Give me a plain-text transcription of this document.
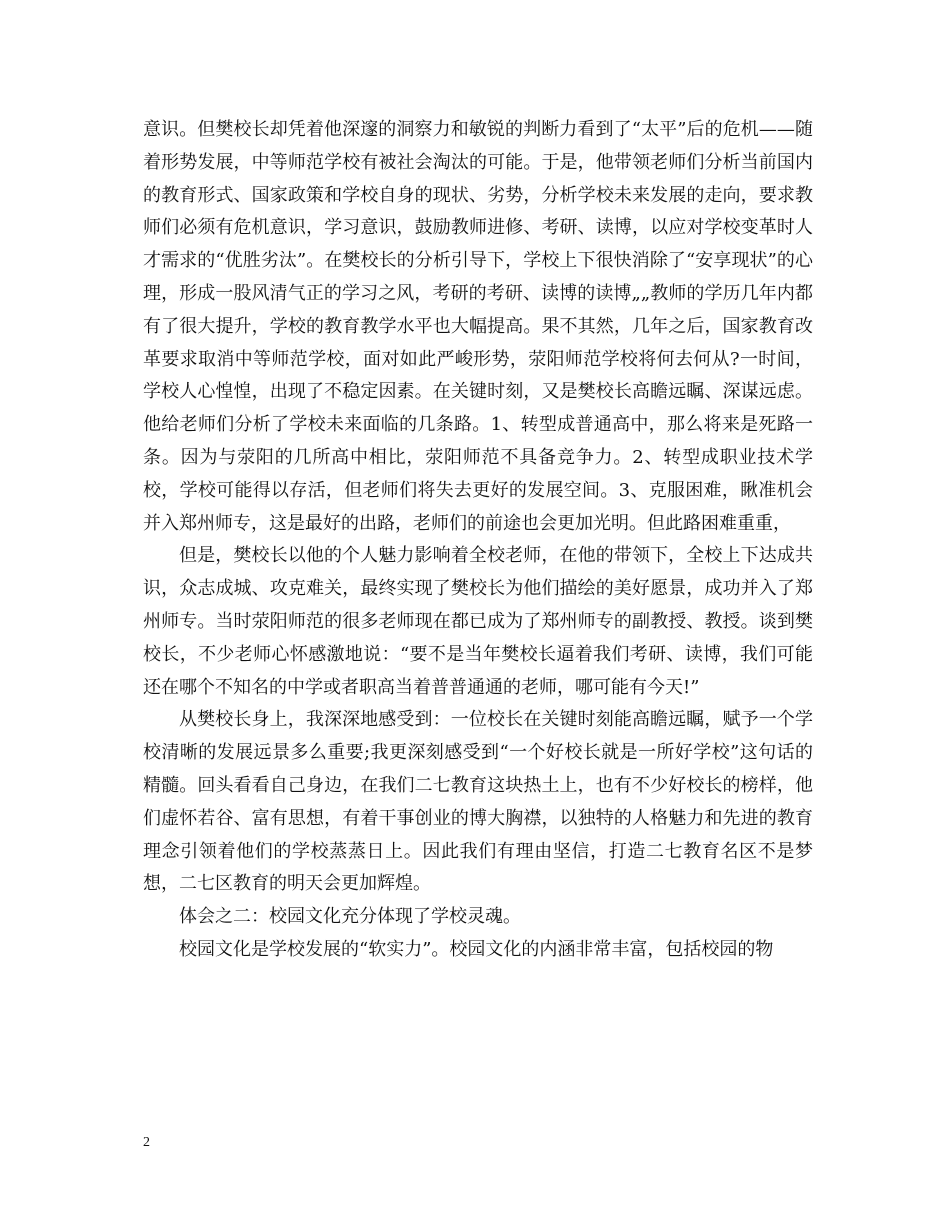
意识。但樊校长却凭着他深邃的洞察力和敏锐的判断力看到了“太平”后的危机——随着形势发展，中等师范学校有被社会淘汰的可能。于是，他带领老师们分析当前国内的教育形式、国家政策和学校自身的现状、劣势，分析学校未来发展的走向，要求教师们必须有危机意识，学习意识，鼓励教师进修、考研、读博，以应对学校变革时人才需求的“优胜劣汰”。在樊校长的分析引导下，学校上下很快消除了“安享现状”的心理，形成一股风清气正的学习之风，考研的考研、读博的读博„„教师的学历几年内都有了很大提升，学校的教育教学水平也大幅提高。果不其然，几年之后，国家教育改革要求取消中等师范学校，面对如此严峻形势，荥阳师范学校将何去何从?一时间，学校人心惶惶，出现了不稳定因素。在关键时刻，又是樊校长高瞻远瞩、深谋远虑。他给老师们分析了学校未来面临的几条路。1、转型成普通高中，那么将来是死路一条。因为与荥阳的几所高中相比，荥阳师范不具备竞争力。2、转型成职业技术学校，学校可能得以存活，但老师们将失去更好的发展空间。3、克服困难，瞅准机会并入郑州师专，这是最好的出路，老师们的前途也会更加光明。但此路困难重重，

但是，樊校长以他的个人魅力影响着全校老师，在他的带领下，全校上下达成共识，众志成城、攻克难关，最终实现了樊校长为他们描绘的美好愿景，成功并入了郑州师专。当时荥阳师范的很多老师现在都已成为了郑州师专的副教授、教授。谈到樊校长，不少老师心怀感激地说：“要不是当年樊校长逼着我们考研、读博，我们可能还在哪个不知名的中学或者职高当着普普通通的老师，哪可能有今天!”

从樊校长身上，我深深地感受到：一位校长在关键时刻能高瞻远瞩，赋予一个学校清晰的发展远景多么重要;我更深刻感受到“一个好校长就是一所好学校”这句话的精髓。回头看看自己身边，在我们二七教育这块热土上，也有不少好校长的榜样，他们虚怀若谷、富有思想，有着干事创业的博大胸襟，以独特的人格魅力和先进的教育理念引领着他们的学校蒸蒸日上。因此我们有理由坚信，打造二七教育名区不是梦想，二七区教育的明天会更加辉煌。

体会之二：校园文化充分体现了学校灵魂。

校园文化是学校发展的“软实力”。校园文化的内涵非常丰富，包括校园的物

2
